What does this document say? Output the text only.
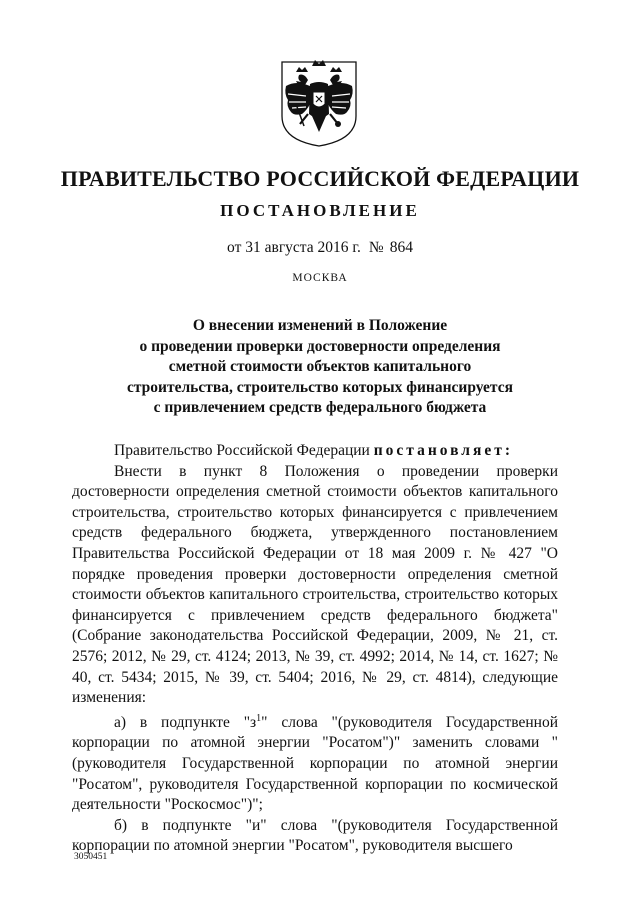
ПРАВИТЕЛЬСТВО РОССИЙСКОЙ ФЕДЕРАЦИИ
ПОСТАНОВЛЕНИЕ

от 31 августа 2016 г. № 864

МОСКВА

О внесении изменений в Положение
о проведении проверки достоверности определения
сметной стоимости объектов капитального
строительства, строительство которых финансируется
с привлечением средств федерального бюджета

Правительство Российской Федерации постановляет:

Внести в пункт 8 Положения о проведении проверки достоверности определения сметной стоимости объектов капитального строительства, строительство которых финансируется с привлечением средств федерального бюджета, утвержденного постановлением Правительства Российской Федерации от 18 мая 2009 г. № 427 "О порядке проведения проверки достоверности определения сметной стоимости объектов капитального строительства, строительство которых финансируется с привлечением средств федерального бюджета" (Собрание законодательства Российской Федерации, 2009, № 21, ст. 2576; 2012, № 29, ст. 4124; 2013, № 39, ст. 4992; 2014, № 14, ст. 1627; № 40, ст. 5434; 2015, № 39, ст. 5404; 2016, № 29, ст. 4814), следующие изменения:

а) в подпункте "$з^1$" слова "(руководителя Государственной корпорации по атомной энергии "Росатом")" заменить словами "(руководителя Государственной корпорации по атомной энергии "Росатом", руководителя Государственной корпорации по космической деятельности "Роскосмос")";

б) в подпункте "и" слова "(руководителя Государственной корпорации по атомной энергии "Росатом", руководителя высшего

3050451
